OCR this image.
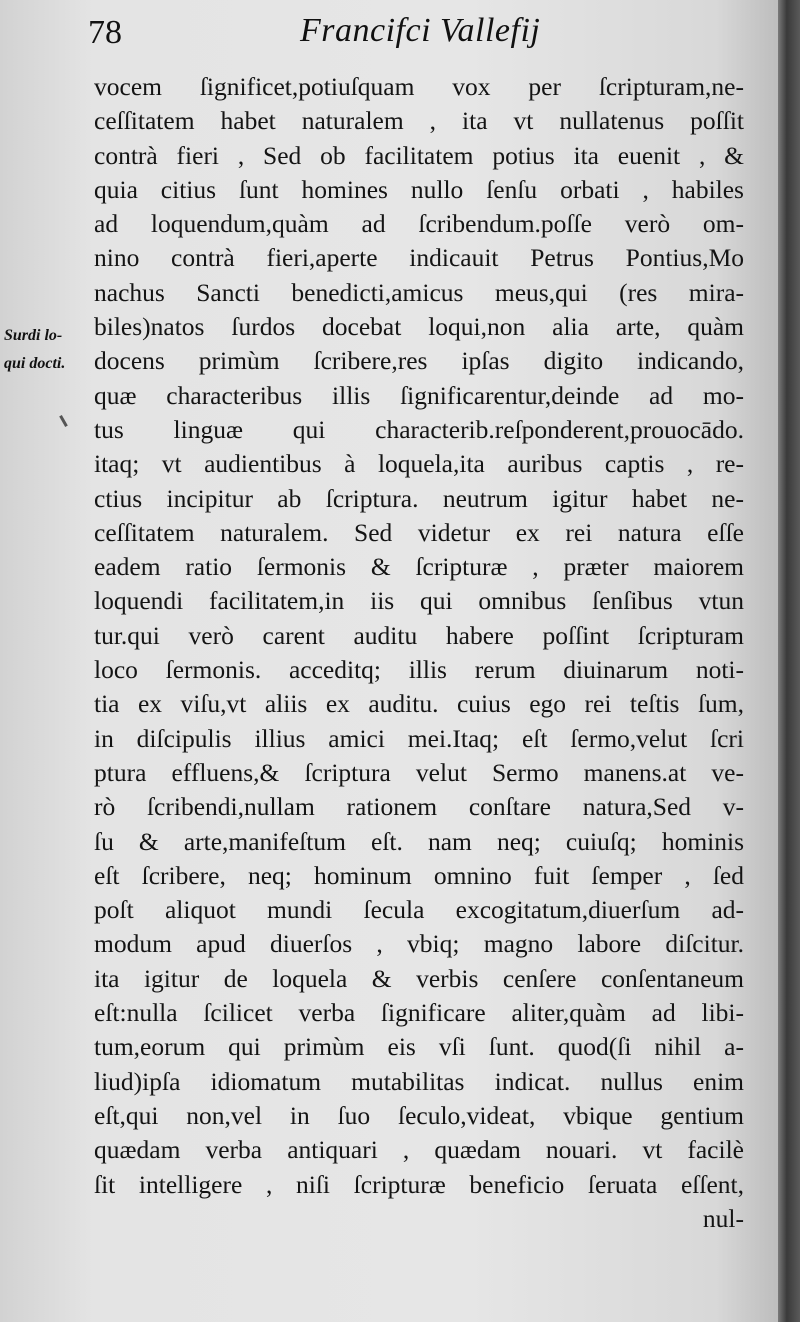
78	Francifci Vallefij
Surdi lo-
qui docti.
vocem ſignificet,potiuſquam vox per ſcripturam,ne-
ceſſitatem habet naturalem , ita vt nullatenus poſſit
contrà fieri , Sed ob facilitatem potius ita euenit , &
quia citius ſunt homines nullo ſenſu orbati , habiles
ad loquendum,quàm ad ſcribendum.poſſe verò om-
nino contrà fieri,aperte indicauit Petrus Pontius,Mo
nachus Sancti benedicti,amicus meus,qui (res mira-
biles)natos ſurdos docebat loqui,non alia arte, quàm
docens primùm ſcribere,res ipſas digito indicando,
quæ characteribus illis ſignificarentur,deinde ad mo-
tus linguæ qui characterib.reſponderent,prouocādo.
itaq; vt audientibus à loquela,ita auribus captis , re-
ctius incipitur ab ſcriptura. neutrum igitur habet ne-
ceſſitatem naturalem. Sed videtur ex rei natura eſſe
eadem ratio ſermonis & ſcripturæ , præter maiorem
loquendi facilitatem,in iis qui omnibus ſenſibus vtun
tur.qui verò carent auditu habere poſſint ſcripturam
loco ſermonis. acceditq; illis rerum diuinarum noti-
tia ex viſu,vt aliis ex auditu. cuius ego rei teſtis ſum,
in diſcipulis illius amici mei.Itaq; eſt ſermo,velut ſcri
ptura effluens,& ſcriptura velut Sermo manens.at ve-
rò ſcribendi,nullam rationem conſtare natura,Sed v-
ſu & arte,manifeſtum eſt. nam neq; cuiuſq; hominis
eſt ſcribere, neq; hominum omnino fuit ſemper , ſed
poſt aliquot mundi ſecula excogitatum,diuerſum ad-
modum apud diuerſos , vbiq; magno labore diſcitur.
ita igitur de loquela & verbis cenſere conſentaneum
eſt:nulla ſcilicet verba ſignificare aliter,quàm ad libi-
tum,eorum qui primùm eis vſi ſunt. quod(ſi nihil a-
liud)ipſa idiomatum mutabilitas indicat. nullus enim
eſt,qui non,vel in ſuo ſeculo,videat, vbique gentium
quædam verba antiquari , quædam nouari. vt facilè
ſit intelligere , niſi ſcripturæ beneficio ſeruata eſſent,
nul-
